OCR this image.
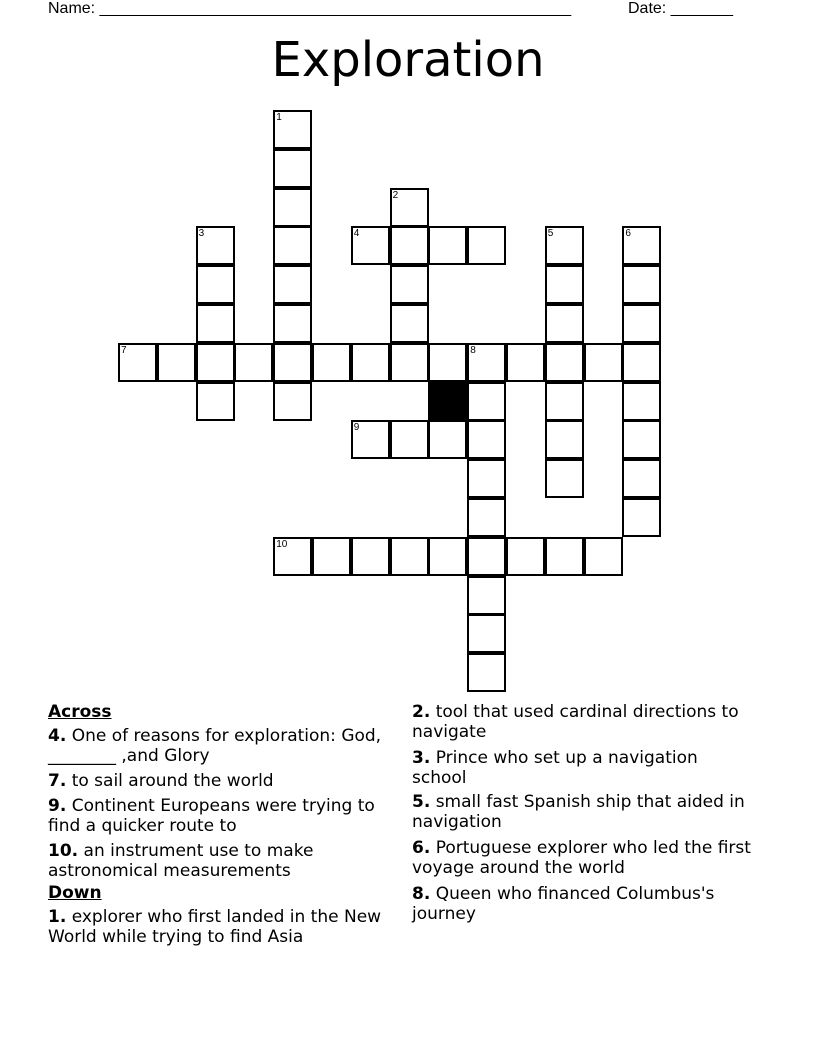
Name: _____________________________________________________	Date: _______
Exploration
1
2
3	4	5	6
7	8
9
10
Across
4. One of reasons for exploration: God, ________ ,and Glory
7. to sail around the world
9. Continent Europeans were trying to find a quicker route to
10. an instrument use to make astronomical measurements
Down
1. explorer who first landed in the New World while trying to find Asia
2. tool that used cardinal directions to navigate
3. Prince who set up a navigation school
5. small fast Spanish ship that aided in navigation
6. Portuguese explorer who led the first voyage around the world
8. Queen who financed Columbus's journey
